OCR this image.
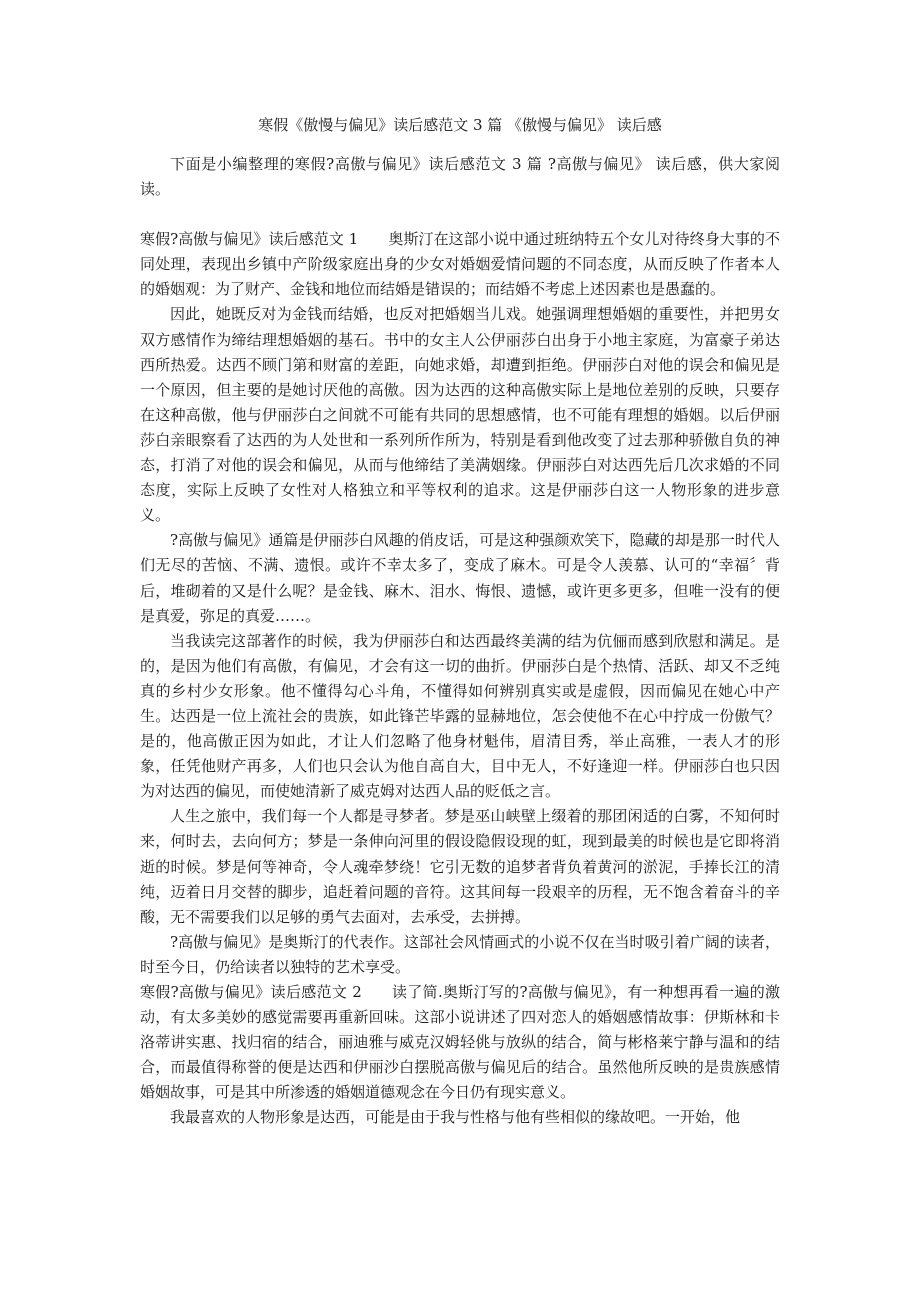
寒假《傲慢与偏见》读后感范文 3 篇 《傲慢与偏见》 读后感

下面是小编整理的寒假?高傲与偏见》读后感范文 3 篇 ?高傲与偏见》 读后感，供大家阅读。

寒假?高傲与偏见》读后感范文 1 奥斯汀在这部小说中通过班纳特五个女儿对待终身大事的不同处理，表现出乡镇中产阶级家庭出身的少女对婚姻爱情问题的不同态度，从而反映了作者本人的婚姻观：为了财产、金钱和地位而结婚是错误的；而结婚不考虑上述因素也是愚蠢的。

因此，她既反对为金钱而结婚，也反对把婚姻当儿戏。她强调理想婚姻的重要性，并把男女双方感情作为缔结理想婚姻的基石。书中的女主人公伊丽莎白出身于小地主家庭，为富豪子弟达西所热爱。达西不顾门第和财富的差距，向她求婚，却遭到拒绝。伊丽莎白对他的误会和偏见是一个原因，但主要的是她讨厌他的高傲。因为达西的这种高傲实际上是地位差别的反映，只要存在这种高傲，他与伊丽莎白之间就不可能有共同的思想感情，也不可能有理想的婚姻。以后伊丽莎白亲眼察看了达西的为人处世和一系列所作所为，特别是看到他改变了过去那种骄傲自负的神态，打消了对他的误会和偏见，从而与他缔结了美满姻缘。伊丽莎白对达西先后几次求婚的不同态度，实际上反映了女性对人格独立和平等权利的追求。这是伊丽莎白这一人物形象的进步意义。

?高傲与偏见》通篇是伊丽莎白风趣的俏皮话，可是这种强颜欢笑下，隐藏的却是那一时代人们无尽的苦恼、不满、遗恨。或许不幸太多了，变成了麻木。可是令人羡慕、认可的“幸福〞背后，堆砌着的又是什么呢？是金钱、麻木、泪水、悔恨、遗憾，或许更多更多，但唯一没有的便是真爱，弥足的真爱……。

当我读完这部著作的时候，我为伊丽莎白和达西最终美满的结为伉俪而感到欣慰和满足。是的，是因为他们有高傲，有偏见，才会有这一切的曲折。伊丽莎白是个热情、活跃、却又不乏纯真的乡村少女形象。他不懂得勾心斗角，不懂得如何辨别真实或是虚假，因而偏见在她心中产生。达西是一位上流社会的贵族，如此锋芒毕露的显赫地位，怎会使他不在心中拧成一份傲气？是的，他高傲正因为如此，才让人们忽略了他身材魁伟，眉清目秀，举止高雅，一表人才的形象，任凭他财产再多，人们也只会认为他自高自大，目中无人，不好逢迎一样。伊丽莎白也只因为对达西的偏见，而使她清新了威克姆对达西人品的贬低之言。

人生之旅中，我们每一个人都是寻梦者。梦是巫山峡壁上缀着的那团闲适的白雾，不知何时来，何时去，去向何方；梦是一条伸向河里的假设隐假设现的虹，现到最美的时候也是它即将消逝的时候。梦是何等神奇，令人魂牵梦绕！它引无数的追梦者背负着黄河的淤泥，手捧长江的清纯，迈着日月交替的脚步，追赶着问题的音符。这其间每一段艰辛的历程，无不饱含着奋斗的辛酸，无不需要我们以足够的勇气去面对，去承受，去拼搏。

?高傲与偏见》是奥斯汀的代表作。这部社会风情画式的小说不仅在当时吸引着广阔的读者，时至今日，仍给读者以独特的艺术享受。

寒假?高傲与偏见》读后感范文 2 读了简.奥斯汀写的?高傲与偏见》，有一种想再看一遍的激动，有太多美妙的感觉需要再重新回味。这部小说讲述了四对恋人的婚姻感情故事：伊斯林和卡洛蒂讲实惠、找归宿的结合，丽迪雅与威克汉姆轻佻与放纵的结合，简与彬格莱宁静与温和的结合，而最值得称誉的便是达西和伊丽沙白摆脱高傲与偏见后的结合。虽然他所反映的是贵族感情婚姻故事，可是其中所渗透的婚姻道德观念在今日仍有现实意义。

我最喜欢的人物形象是达西，可能是由于我与性格与他有些相似的缘故吧。一开始，他
